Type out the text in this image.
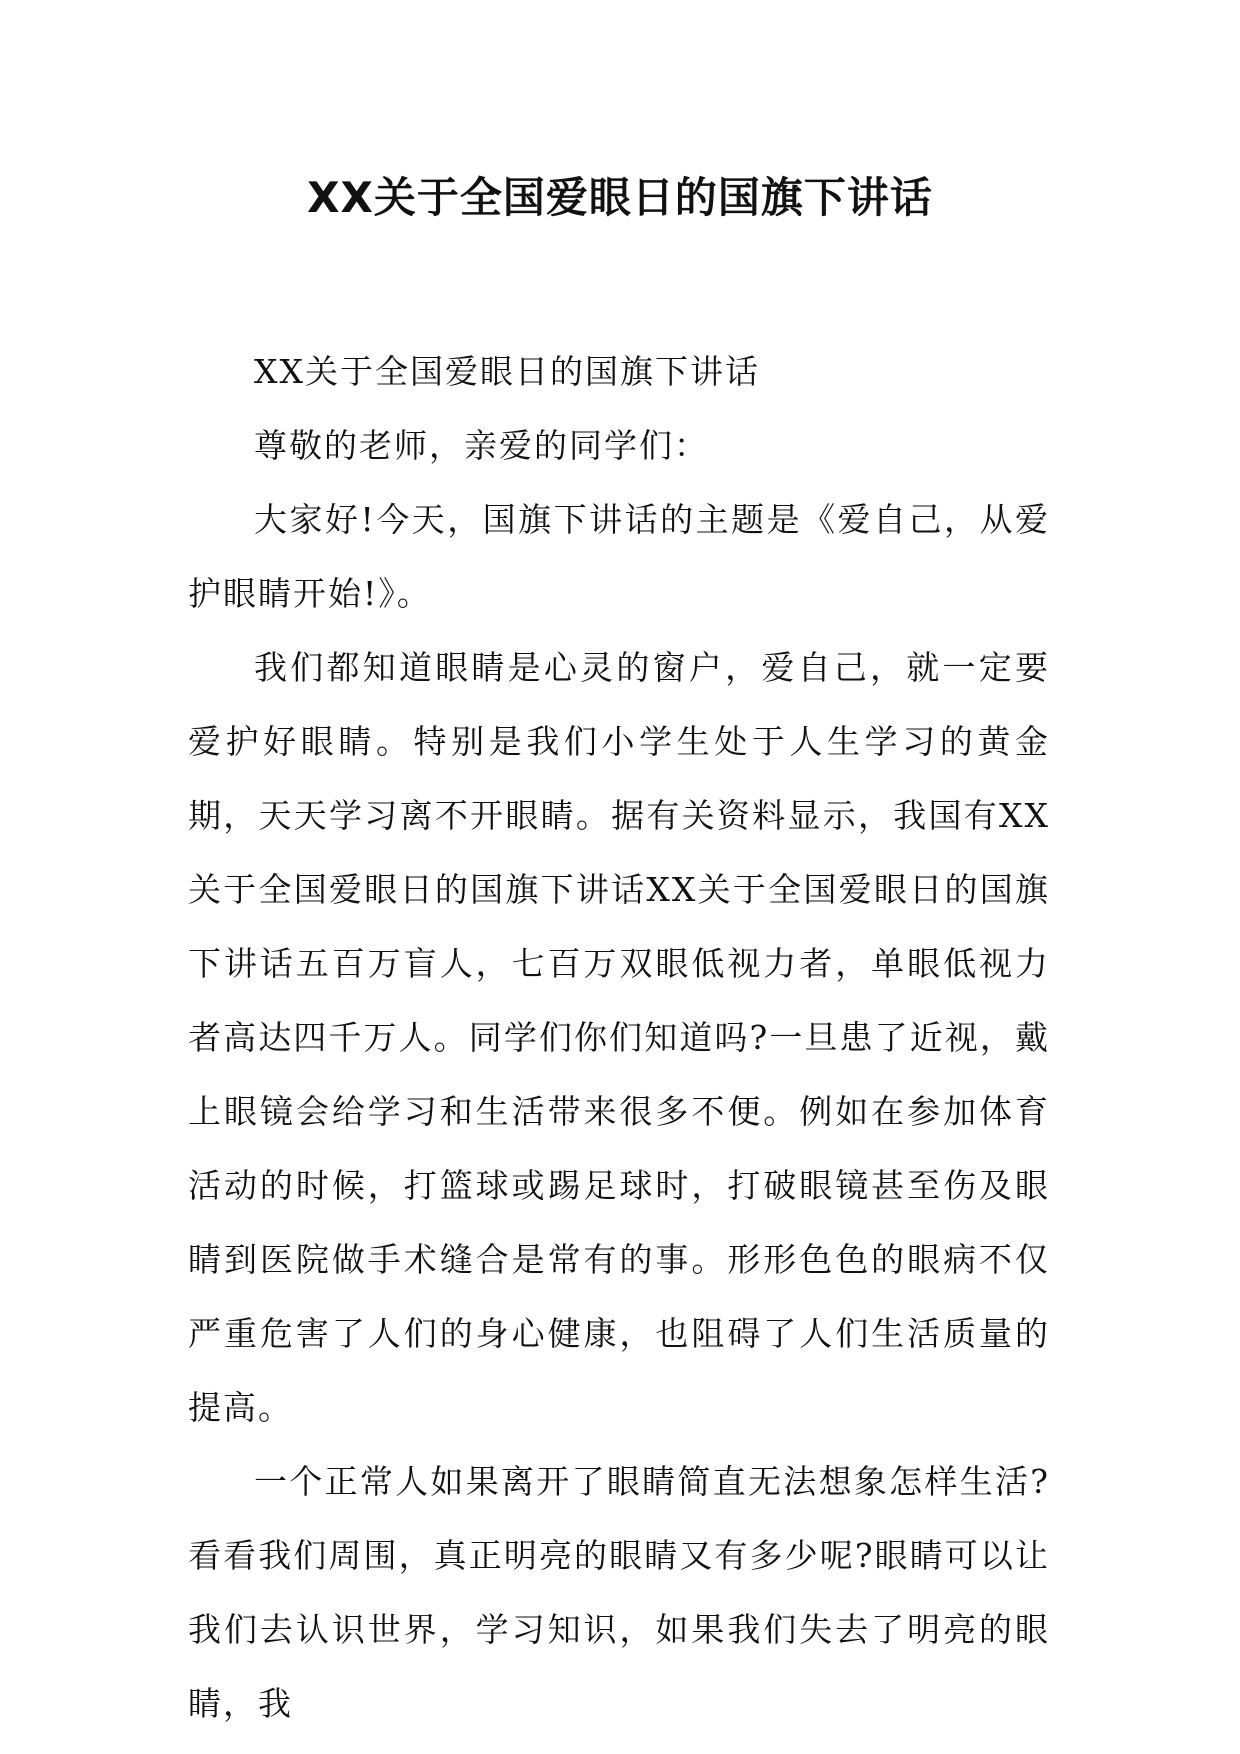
XX关于全国爱眼日的国旗下讲话

XX关于全国爱眼日的国旗下讲话

尊敬的老师，亲爱的同学们：

大家好!今天，国旗下讲话的主题是《爱自己，从爱护眼睛开始!》。

我们都知道眼睛是心灵的窗户，爱自己，就一定要爱护好眼睛。特别是我们小学生处于人生学习的黄金期，天天学习离不开眼睛。据有关资料显示，我国有XX关于全国爱眼日的国旗下讲话XX关于全国爱眼日的国旗下讲话五百万盲人，七百万双眼低视力者，单眼低视力者高达四千万人。同学们你们知道吗?一旦患了近视，戴上眼镜会给学习和生活带来很多不便。例如在参加体育活动的时候，打篮球或踢足球时，打破眼镜甚至伤及眼睛到医院做手术缝合是常有的事。形形色色的眼病不仅严重危害了人们的身心健康，也阻碍了人们生活质量的提高。

一个正常人如果离开了眼睛简直无法想象怎样生活?看看我们周围，真正明亮的眼睛又有多少呢?眼睛可以让我们去认识世界，学习知识，如果我们失去了明亮的眼睛，我
